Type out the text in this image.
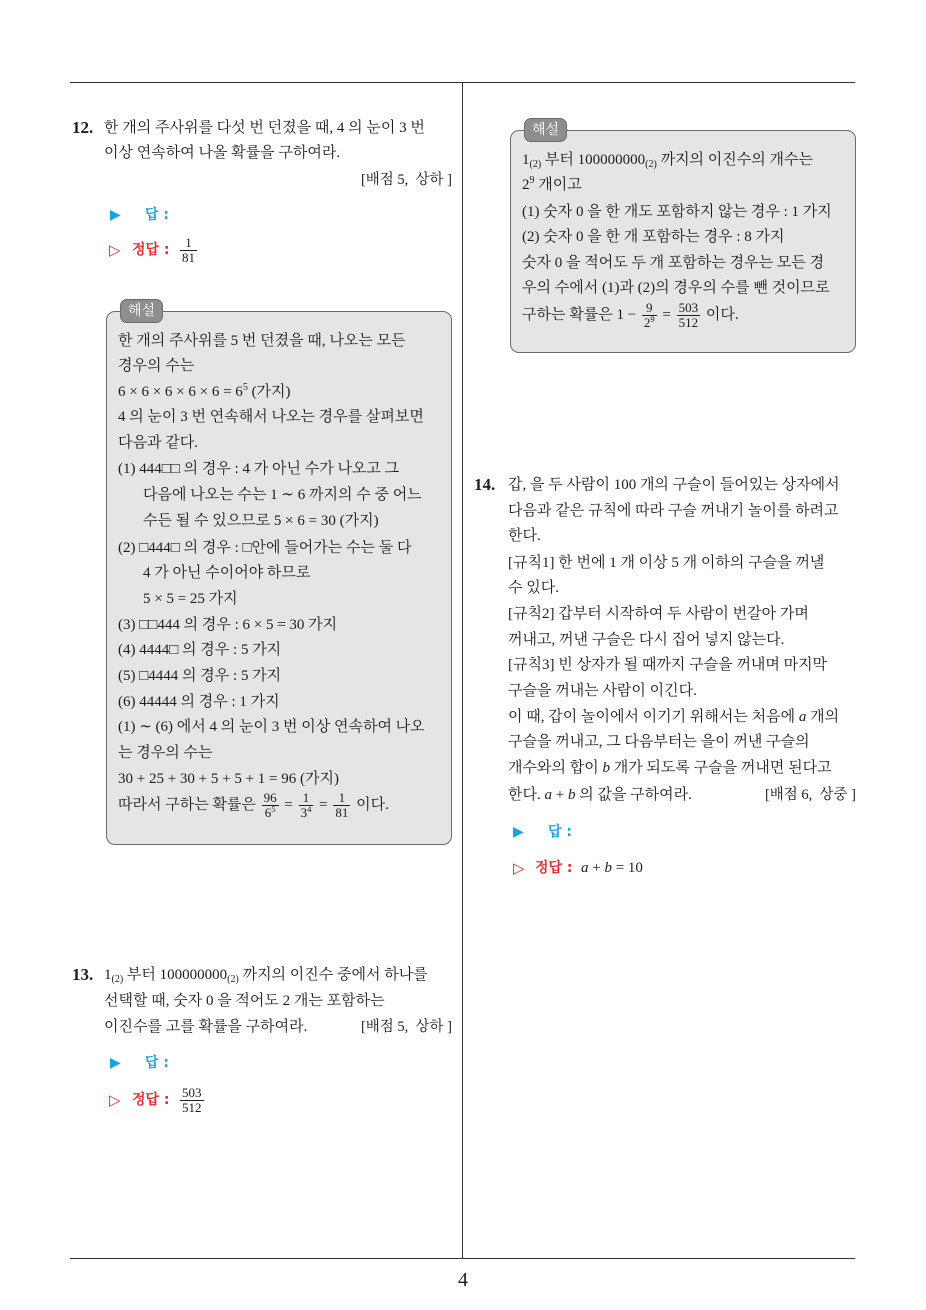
12. 한 개의 주사위를 다섯 번 던졌을 때, 4 의 눈이 3 번
이상 연속하여 나올 확률을 구하여라.
[배점 5,  상하 ]
▶ 답 :
▷ 정답 : $\frac{1}{81}$
해설
한 개의 주사위를 5 번 던졌을 때, 나오는 모든
경우의 수는
$6 \times 6 \times 6 \times 6 \times 6 = 6^5$ (가지)
4 의 눈이 3 번 연속해서 나오는 경우를 살펴보면
다음과 같다.
(1) 444□□ 의 경우 : 4 가 아닌 수가 나오고 그
다음에 나오는 수는 1 ∼ 6 까지의 수 중 어느
수든 될 수 있으므로 5 × 6 = 30 (가지)
(2) □444□ 의 경우 : □안에 들어가는 수는 둘 다
4 가 아닌 수이어야 하므로
5 × 5 = 25 가지
(3) □□444 의 경우 : 6 × 5 = 30 가지
(4) 4444□ 의 경우 : 5 가지
(5) □4444 의 경우 : 5 가지
(6) 44444 의 경우 : 1 가지
(1) ∼ (6) 에서 4 의 눈이 3 번 이상 연속하여 나오
는 경우의 수는
30 + 25 + 30 + 5 + 5 + 1 = 96 (가지)
따라서 구하는 확률은 $\frac{96}{6^5} = \frac{1}{3^4} = \frac{1}{81}$ 이다.
13. $1_{(2)}$ 부터 $100000000_{(2)}$ 까지의 이진수 중에서 하나를
선택할 때, 숫자 0 을 적어도 2 개는 포함하는
이진수를 고를 확률을 구하여라.	[배점 5,  상하 ]
▶ 답 :
▷ 정답 : $\frac{503}{512}$
해설
$1_{(2)}$ 부터 $100000000_{(2)}$ 까지의 이진수의 개수는
$2^9$ 개이고
(1) 숫자 0 을 한 개도 포함하지 않는 경우 : 1 가지
(2) 숫자 0 을 한 개 포함하는 경우 : 8 가지
숫자 0 을 적어도 두 개 포함하는 경우는 모든 경
우의 수에서 (1)과 (2)의 경우의 수를 뺀 것이므로
구하는 확률은 $1 - \frac{9}{2^9} = \frac{503}{512}$ 이다.
14. 갑, 을 두 사람이 100 개의 구슬이 들어있는 상자에서
다음과 같은 규칙에 따라 구슬 꺼내기 놀이를 하려고
한다.
[규칙1] 한 번에 1 개 이상 5 개 이하의 구슬을 꺼낼
수 있다.
[규칙2] 갑부터 시작하여 두 사람이 번갈아 가며
꺼내고, 꺼낸 구슬은 다시 집어 넣지 않는다.
[규칙3] 빈 상자가 될 때까지 구슬을 꺼내며 마지막
구슬을 꺼내는 사람이 이긴다.
이 때, 갑이 놀이에서 이기기 위해서는 처음에 a 개의
구슬을 꺼내고, 그 다음부터는 을이 꺼낸 구슬의
개수와의 합이 b 개가 되도록 구슬을 꺼내면 된다고
한다. a + b 의 값을 구하여라.	[배점 6,  상중 ]
▶ 답 :
▷ 정답 : a + b = 10
4
